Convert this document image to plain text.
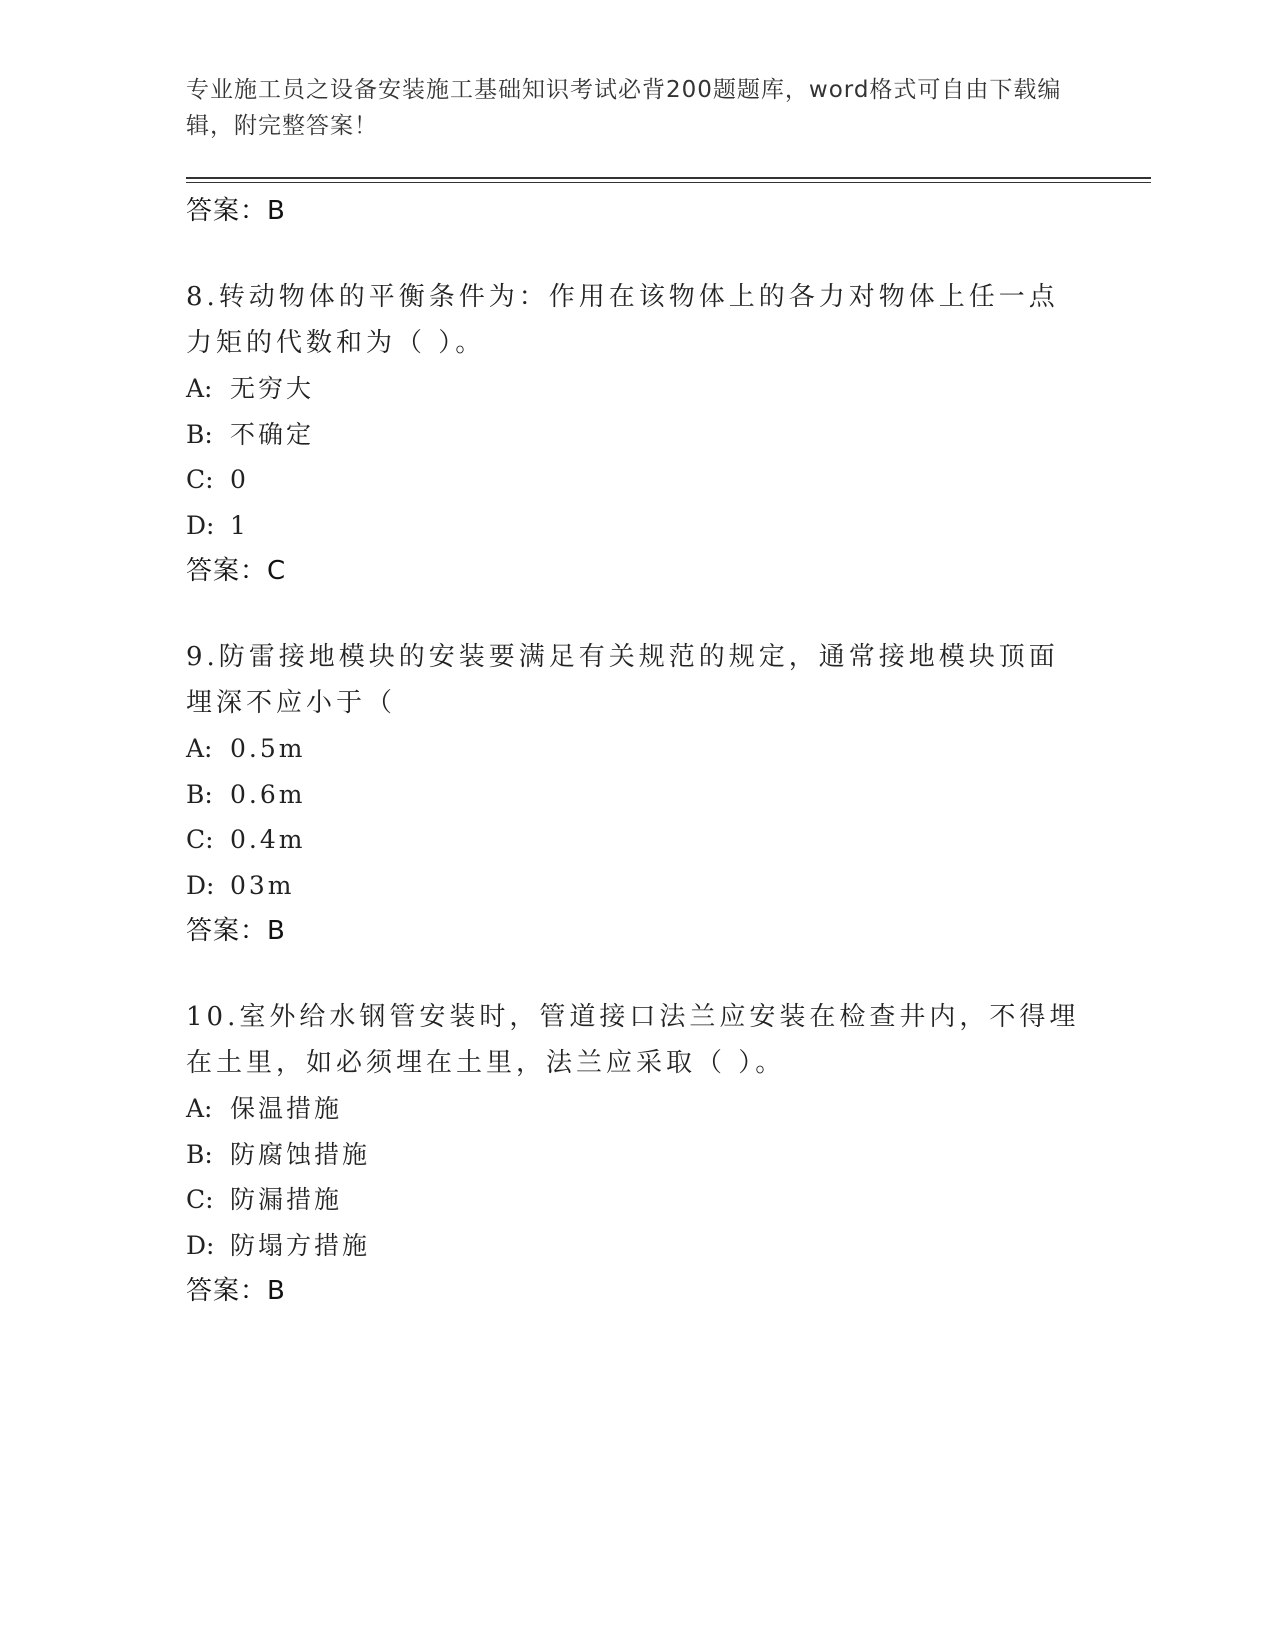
专业施工员之设备安装施工基础知识考试必背200题题库，word格式可自由下载编辑，附完整答案！
答案：B
8.转动物体的平衡条件为：作用在该物体上的各力对物体上任一点力矩的代数和为（ ）。
A: 无穷大
B: 不确定
C: 0
D: 1
答案：C
9.防雷接地模块的安装要满足有关规范的规定，通常接地模块顶面埋深不应小于（
A: 0.5m
B: 0.6m
C: 0.4m
D: 03m
答案：B
10.室外给水钢管安装时，管道接口法兰应安装在检查井内，不得埋在土里，如必须埋在土里，法兰应采取（ ）。
A: 保温措施
B: 防腐蚀措施
C: 防漏措施
D: 防塌方措施
答案：B
